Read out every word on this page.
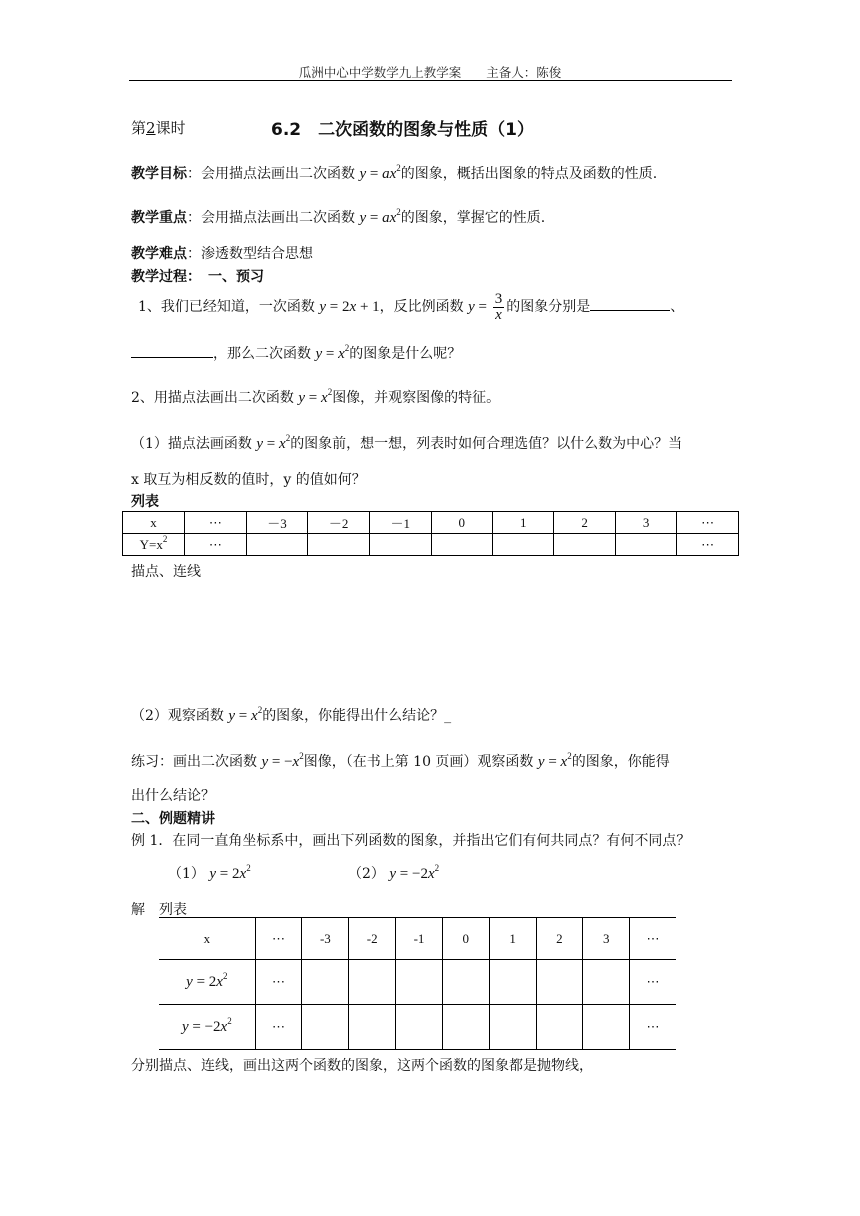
瓜洲中心中学数学九上教学案　　主备人：陈俊
第2课时	6.2　二次函数的图象与性质（1）
教学目标：会用描点法画出二次函数 $y = ax^2$的图象，概括出图象的特点及函数的性质.
教学重点：会用描点法画出二次函数 $y = ax^2$的图象，掌握它的性质.
教学难点：渗透数型结合思想
教学过程：　 一、预习
1、我们已经知道，一次函数 y = 2x + 1，反比例函数 $y = \frac{3}{x}$ 的图象分别是	、
，那么二次函数 $y = x^2$的图象是什么呢？
2、用描点法画出二次函数 $y = x^2$图像，并观察图像的特征。
（1）描点法画函数 $y = x^2$的图象前，想一想，列表时如何合理选值？以什么数为中心？当
x 取互为相反数的值时，y 的值如何？
列表
x	⋯	－3	－2	－1	0	1	2	3	⋯
$Y=x^2$	⋯								⋯
描点、连线
（2）观察函数 $y = x^2$的图象，你能得出什么结论？_
练习：画出二次函数 $y = -x^2$图像，（在书上第 10 页画）观察函数 $y = x^2$的图象，你能得
出什么结论？
二、例题精讲
例 1．在同一直角坐标系中，画出下列函数的图象，并指出它们有何共同点？有何不同点？
（1） $y = 2x^2$	（2） $y = -2x^2$
解　 列表
x	⋯	-3	-2	-1	0	1	2	3	⋯
$y = 2x^2$	⋯								⋯
$y = -2x^2$	⋯								⋯
分别描点、连线，画出这两个函数的图象，这两个函数的图象都是抛物线，
